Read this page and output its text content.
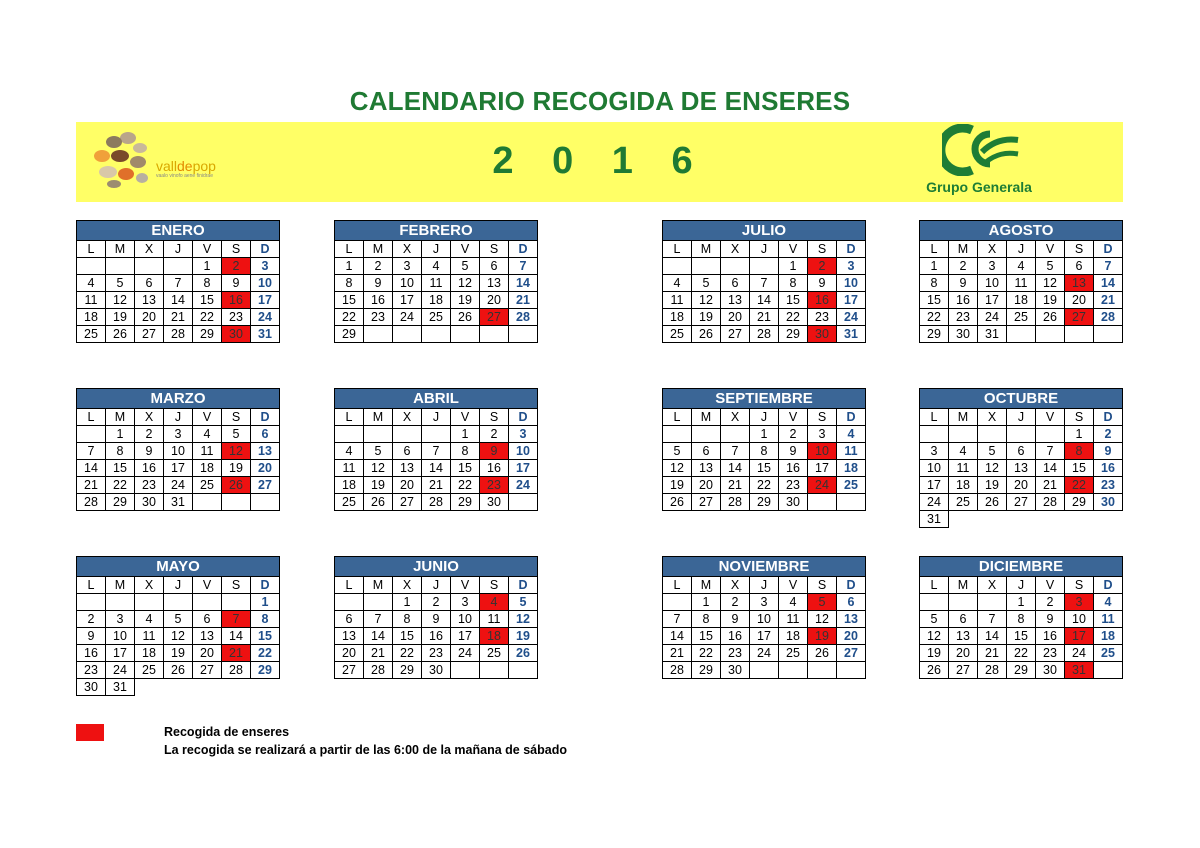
CALENDARIO RECOGIDA DE ENSERES
valldepop
vaalo vinofo aene finidrae	2 0 1 6
Grupo Generala
ENERO
L	M	X	J	V	S	D
				1	2	3
4	5	6	7	8	9	10
11	12	13	14	15	16	17
18	19	20	21	22	23	24
25	26	27	28	29	30	31
FEBRERO
L	M	X	J	V	S	D
1	2	3	4	5	6	7
8	9	10	11	12	13	14
15	16	17	18	19	20	21
22	23	24	25	26	27	28
29						
JULIO
L	M	X	J	V	S	D
				1	2	3
4	5	6	7	8	9	10
11	12	13	14	15	16	17
18	19	20	21	22	23	24
25	26	27	28	29	30	31
AGOSTO
L	M	X	J	V	S	D
1	2	3	4	5	6	7
8	9	10	11	12	13	14
15	16	17	18	19	20	21
22	23	24	25	26	27	28
29	30	31				
MARZO
L	M	X	J	V	S	D
	1	2	3	4	5	6
7	8	9	10	11	12	13
14	15	16	17	18	19	20
21	22	23	24	25	26	27
28	29	30	31			
ABRIL
L	M	X	J	V	S	D
				1	2	3
4	5	6	7	8	9	10
11	12	13	14	15	16	17
18	19	20	21	22	23	24
25	26	27	28	29	30	
SEPTIEMBRE
L	M	X	J	V	S	D
			1	2	3	4
5	6	7	8	9	10	11
12	13	14	15	16	17	18
19	20	21	22	23	24	25
26	27	28	29	30		
OCTUBRE
L	M	X	J	V	S	D
					1	2
3	4	5	6	7	8	9
10	11	12	13	14	15	16
17	18	19	20	21	22	23
24	25	26	27	28	29	30
31						
MAYO
L	M	X	J	V	S	D
						1
2	3	4	5	6	7	8
9	10	11	12	13	14	15
16	17	18	19	20	21	22
23	24	25	26	27	28	29
30	31					
JUNIO
L	M	X	J	V	S	D
		1	2	3	4	5
6	7	8	9	10	11	12
13	14	15	16	17	18	19
20	21	22	23	24	25	26
27	28	29	30			
NOVIEMBRE
L	M	X	J	V	S	D
	1	2	3	4	5	6
7	8	9	10	11	12	13
14	15	16	17	18	19	20
21	22	23	24	25	26	27
28	29	30				
DICIEMBRE
L	M	X	J	V	S	D
			1	2	3	4
5	6	7	8	9	10	11
12	13	14	15	16	17	18
19	20	21	22	23	24	25
26	27	28	29	30	31	
Recogida de enseres
La recogida se realizará a partir de las 6:00 de la mañana de sábado
